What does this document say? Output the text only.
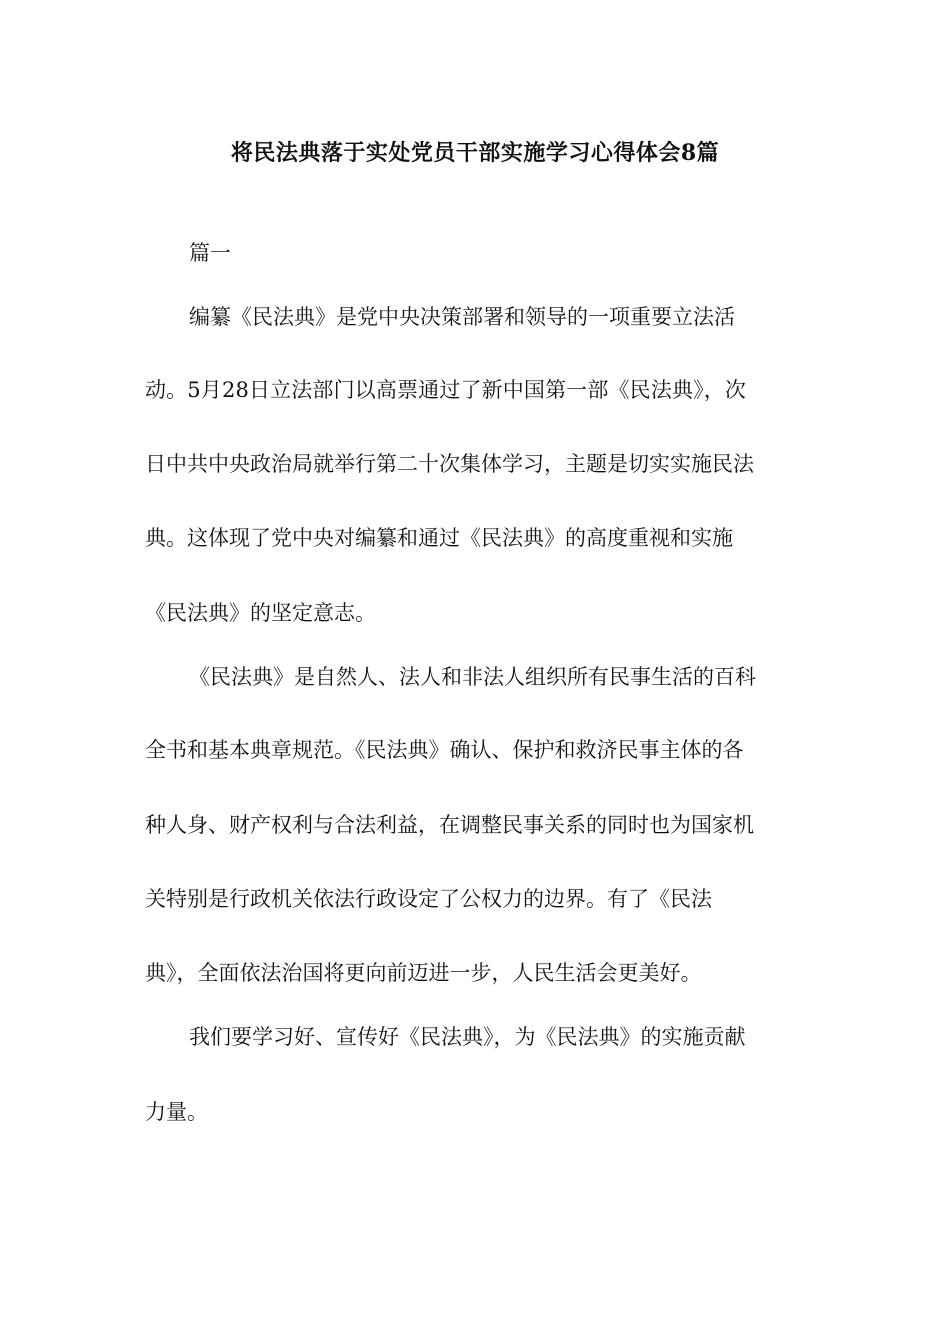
将民法典落于实处党员干部实施学习心得体会8篇
篇一
编纂《民法典》是党中央决策部署和领导的一项重要立法活
动。5月28日立法部门以高票通过了新中国第一部《民法典》，次
日中共中央政治局就举行第二十次集体学习，主题是切实实施民法
典。这体现了党中央对编纂和通过《民法典》的高度重视和实施
《民法典》的坚定意志。
《民法典》是自然人、法人和非法人组织所有民事生活的百科
全书和基本典章规范。《民法典》确认、保护和救济民事主体的各
种人身、财产权利与合法利益，在调整民事关系的同时也为国家机
关特别是行政机关依法行政设定了公权力的边界。有了《民法
典》，全面依法治国将更向前迈进一步，人民生活会更美好。
我们要学习好、宣传好《民法典》，为《民法典》的实施贡献
力量。
